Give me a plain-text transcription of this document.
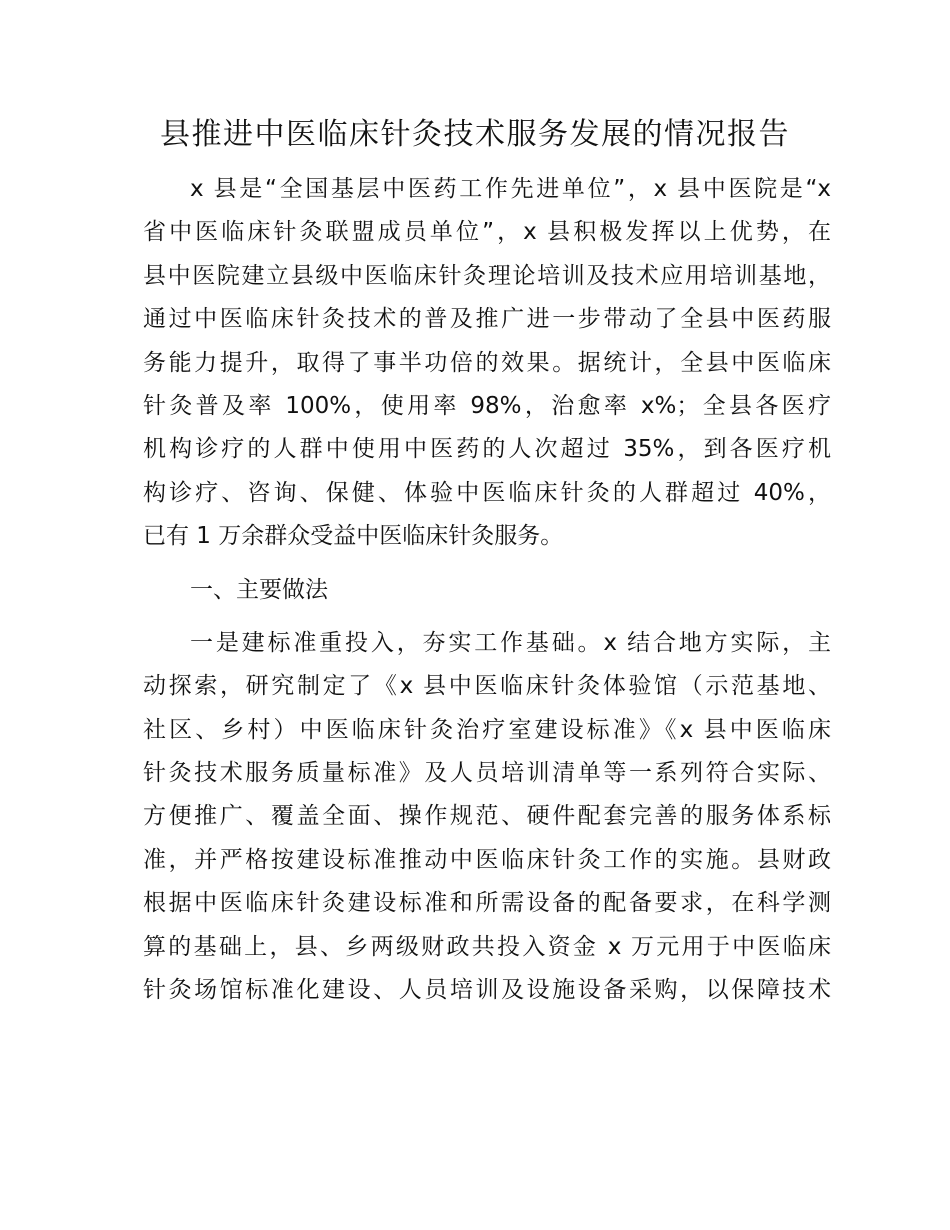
县推进中医临床针灸技术服务发展的情况报告
x 县是“全国基层中医药工作先进单位”，x 县中医院是“x
省中医临床针灸联盟成员单位”，x 县积极发挥以上优势，在
县中医院建立县级中医临床针灸理论培训及技术应用培训基地，
通过中医临床针灸技术的普及推广进一步带动了全县中医药服
务能力提升，取得了事半功倍的效果。据统计，全县中医临床
针灸普及率 100%，使用率 98%，治愈率 x%；全县各医疗
机构诊疗的人群中使用中医药的人次超过 35%，到各医疗机
构诊疗、咨询、保健、体验中医临床针灸的人群超过 40%，
已有 1 万余群众受益中医临床针灸服务。
一、主要做法
一是建标准重投入，夯实工作基础。x 结合地方实际，主
动探索，研究制定了《x 县中医临床针灸体验馆（示范基地、
社区、乡村）中医临床针灸治疗室建设标准》《x 县中医临床
针灸技术服务质量标准》及人员培训清单等一系列符合实际、
方便推广、覆盖全面、操作规范、硬件配套完善的服务体系标
准，并严格按建设标准推动中医临床针灸工作的实施。县财政
根据中医临床针灸建设标准和所需设备的配备要求，在科学测
算的基础上，县、乡两级财政共投入资金 x 万元用于中医临床
针灸场馆标准化建设、人员培训及设施设备采购，以保障技术
